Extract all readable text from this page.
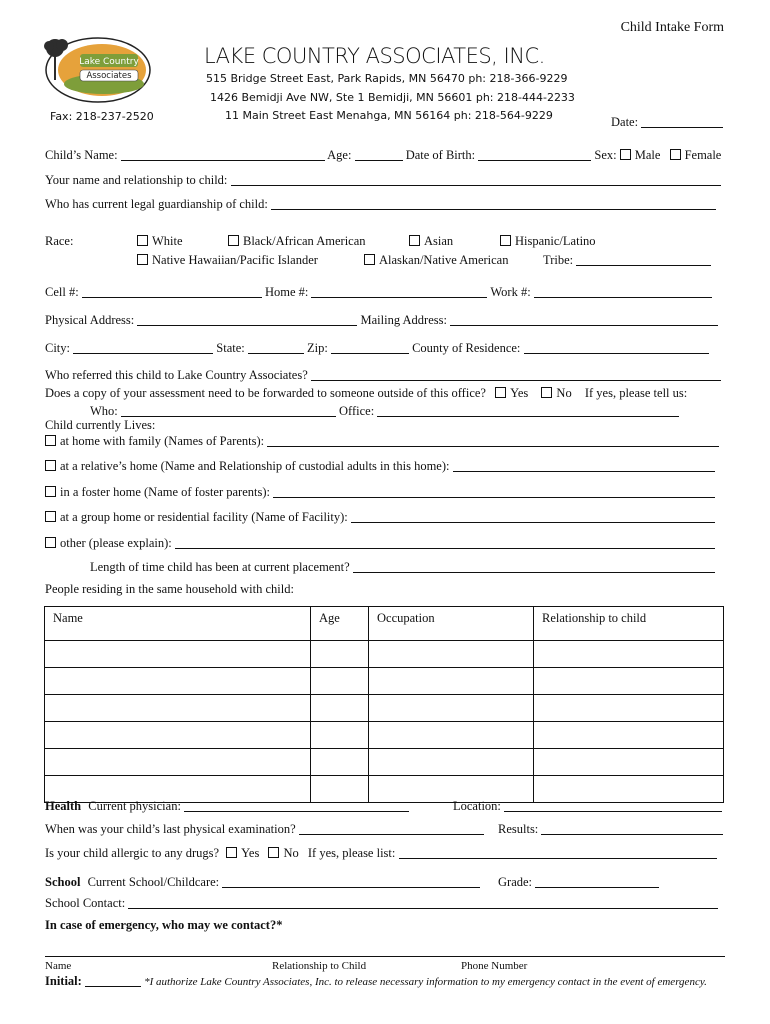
Child Intake Form
Lake Country
Associates
Fax: 218-237-2520
LAKE COUNTRY ASSOCIATES, INC.
515 Bridge Street East, Park Rapids, MN 56470 ph: 218-366-9229
1426 Bemidji Ave NW, Ste 1 Bemidji, MN 56601 ph: 218-444-2233
11 Main Street East Menahga, MN 56164 ph: 218-564-9229	Date:
Child’s Name:	Age:	Date of Birth:	Sex: Male Female
Your name and relationship to child:
Who has current legal guardianship of child:
Race:	White	Black/African American	Asian	Hispanic/Latino
Native Hawaiian/Pacific Islander	Alaskan/Native American	Tribe:
Cell #:	Home #:	Work #:
Physical Address:	Mailing Address:
City:	State:	Zip:	County of Residence:
Who referred this child to Lake Country Associates?
Does a copy of your assessment need to be forwarded to someone outside of this office? Yes No If yes, please tell us:
Who:	Office:
Child currently Lives:
at home with family (Names of Parents):
at a relative’s home (Name and Relationship of custodial adults in this home):
in a foster home (Name of foster parents):
at a group home or residential facility (Name of Facility):
other (please explain):
Length of time child has been at current placement?
People residing in the same household with child:
Name	Age	Occupation	Relationship to child

Health Current physician:	Location:
When was your child’s last physical examination?	Results:
Is your child allergic to any drugs? Yes No If yes, please list:
School Current School/Childcare:	Grade:
School Contact:
In case of emergency, who may we contact?*
Name	Relationship to Child	Phone Number
Initial:	*I authorize Lake Country Associates, Inc. to release necessary information to my emergency contact in the event of emergency.
